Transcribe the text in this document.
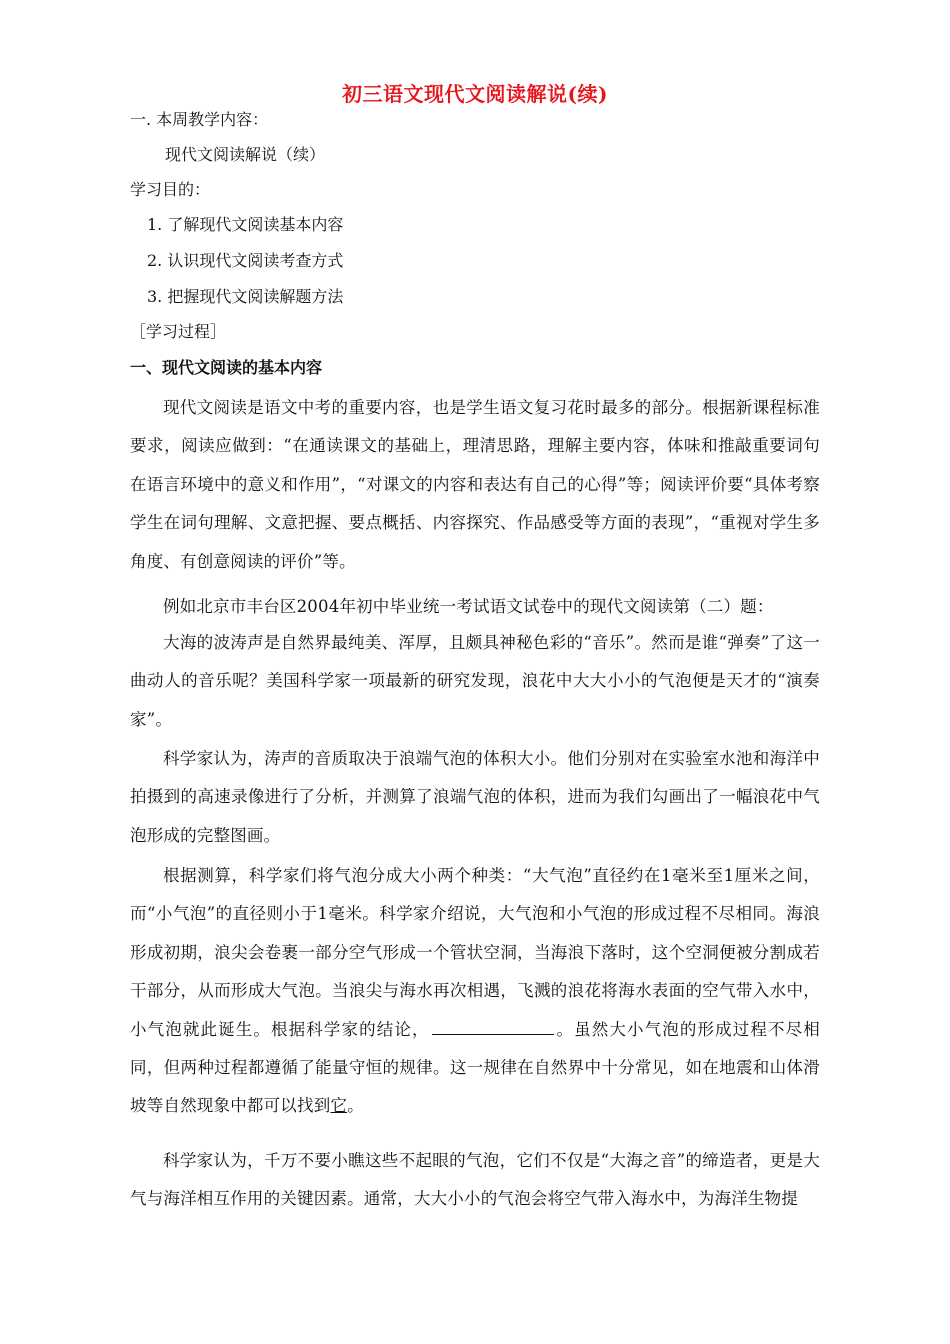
初三语文现代文阅读解说(续)
一. 本周教学内容：
现代文阅读解说（续）
学习目的：
1. 了解现代文阅读基本内容
2. 认识现代文阅读考查方式
3. 把握现代文阅读解题方法
［学习过程］
一、现代文阅读的基本内容
现代文阅读是语文中考的重要内容，也是学生语文复习花时最多的部分。根据新课程标准要求，阅读应做到：“在通读课文的基础上，理清思路，理解主要内容，体味和推敲重要词句在语言环境中的意义和作用”，“对课文的内容和表达有自己的心得”等；阅读评价要“具体考察学生在词句理解、文意把握、要点概括、内容探究、作品感受等方面的表现”，“重视对学生多角度、有创意阅读的评价”等。
例如北京市丰台区2004年初中毕业统一考试语文试卷中的现代文阅读第（二）题：
大海的波涛声是自然界最纯美、浑厚，且颇具神秘色彩的“音乐”。然而是谁“弹奏”了这一曲动人的音乐呢？美国科学家一项最新的研究发现，浪花中大大小小的气泡便是天才的“演奏家”。
科学家认为，涛声的音质取决于浪端气泡的体积大小。他们分别对在实验室水池和海洋中拍摄到的高速录像进行了分析，并测算了浪端气泡的体积，进而为我们勾画出了一幅浪花中气泡形成的完整图画。
根据测算，科学家们将气泡分成大小两个种类：“大气泡”直径约在1毫米至1厘米之间，而“小气泡”的直径则小于1毫米。科学家介绍说，大气泡和小气泡的形成过程不尽相同。海浪形成初期，浪尖会卷裹一部分空气形成一个管状空洞，当海浪下落时，这个空洞便被分割成若干部分，从而形成大气泡。当浪尖与海水再次相遇，飞溅的浪花将海水表面的空气带入水中，小气泡就此诞生。根据科学家的结论，	。虽然大小气泡的形成过程不尽相同，但两种过程都遵循了能量守恒的规律。这一规律在自然界中十分常见，如在地震和山体滑坡等自然现象中都可以找到它。
科学家认为，千万不要小瞧这些不起眼的气泡，它们不仅是“大海之音”的缔造者，更是大气与海洋相互作用的关键因素。通常，大大小小的气泡会将空气带入海水中，为海洋生物提
